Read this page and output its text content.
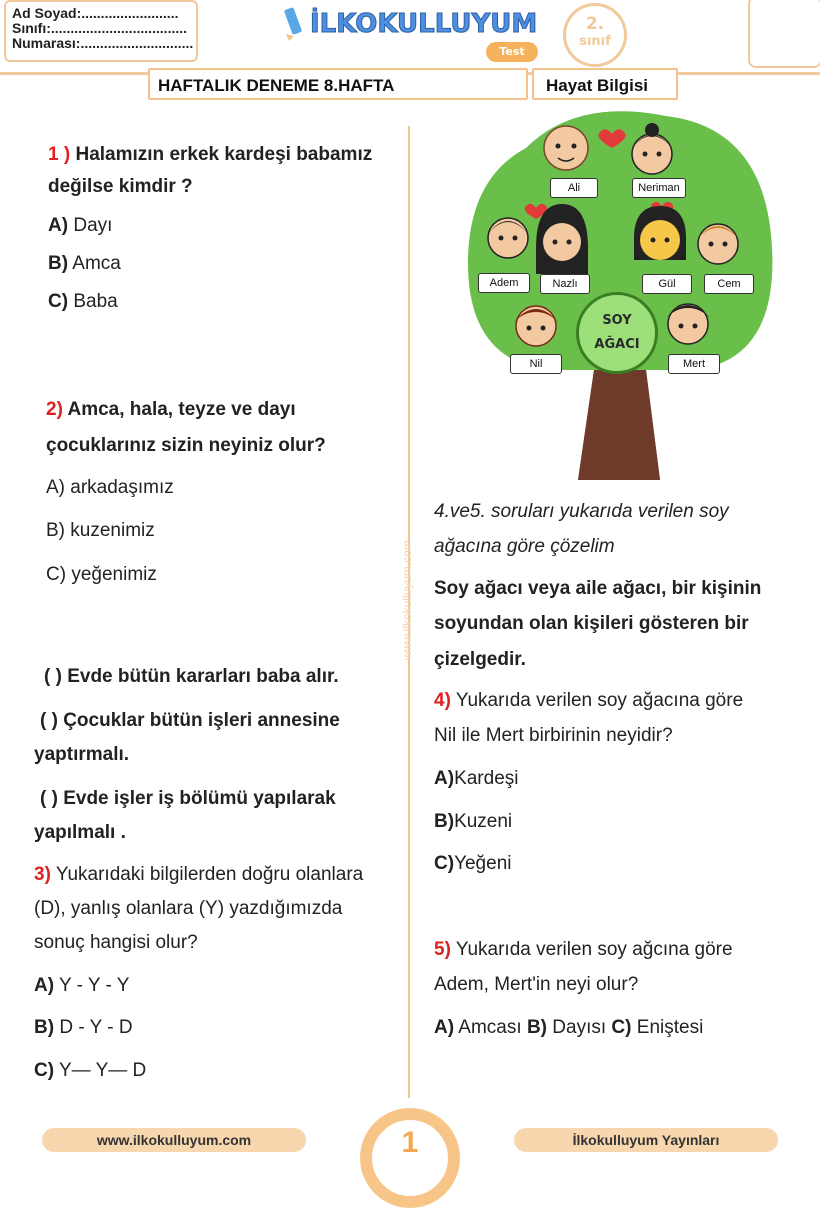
Ad Soyad:.........................
Sınıfı:...................................
Numarası:.............................
İLKOKULLUYUM
Test
2.
sınıf
HAFTALIK DENEME 8.HAFTA	Hayat Bilgisi
www.ilkokulluyum.com
1 ) Halamızın erkek kardeşi babamız
değilse kimdir ?
A) Dayı
B) Amca
C) Baba
2) Amca, hala, teyze ve dayı
çocuklarınız sizin neyiniz olur?
A) arkadaşımız
B) kuzenimiz
C) yeğenimiz
( ) Evde bütün kararları baba alır.
( ) Çocuklar bütün işleri annesine
yaptırmalı.
( ) Evde işler iş bölümü yapılarak
yapılmalı .
3) Yukarıdaki bilgilerden doğru olanlara
(D), yanlış olanlara (Y) yazdığımızda
sonuç hangisi olur?
A) Y - Y - Y
B) D - Y - D
C) Y— Y— D
Ali	Neriman
Adem	Nazlı	Gül	Cem
Nil	Mert
SOY
AĞACI
4.ve5. soruları yukarıda verilen soy
ağacına göre çözelim
Soy ağacı veya aile ağacı, bir kişinin
soyundan olan kişileri gösteren bir
çizelgedir.
4) Yukarıda verilen soy ağacına göre
Nil ile Mert birbirinin neyidir?
A)Kardeşi
B)Kuzeni
C)Yeğeni
5) Yukarıda verilen soy ağcına göre
Adem, Mert'in neyi olur?
A) Amcası B) Dayısı C) Eniştesi
1
www.ilkokulluyum.com	İlkokulluyum Yayınları
